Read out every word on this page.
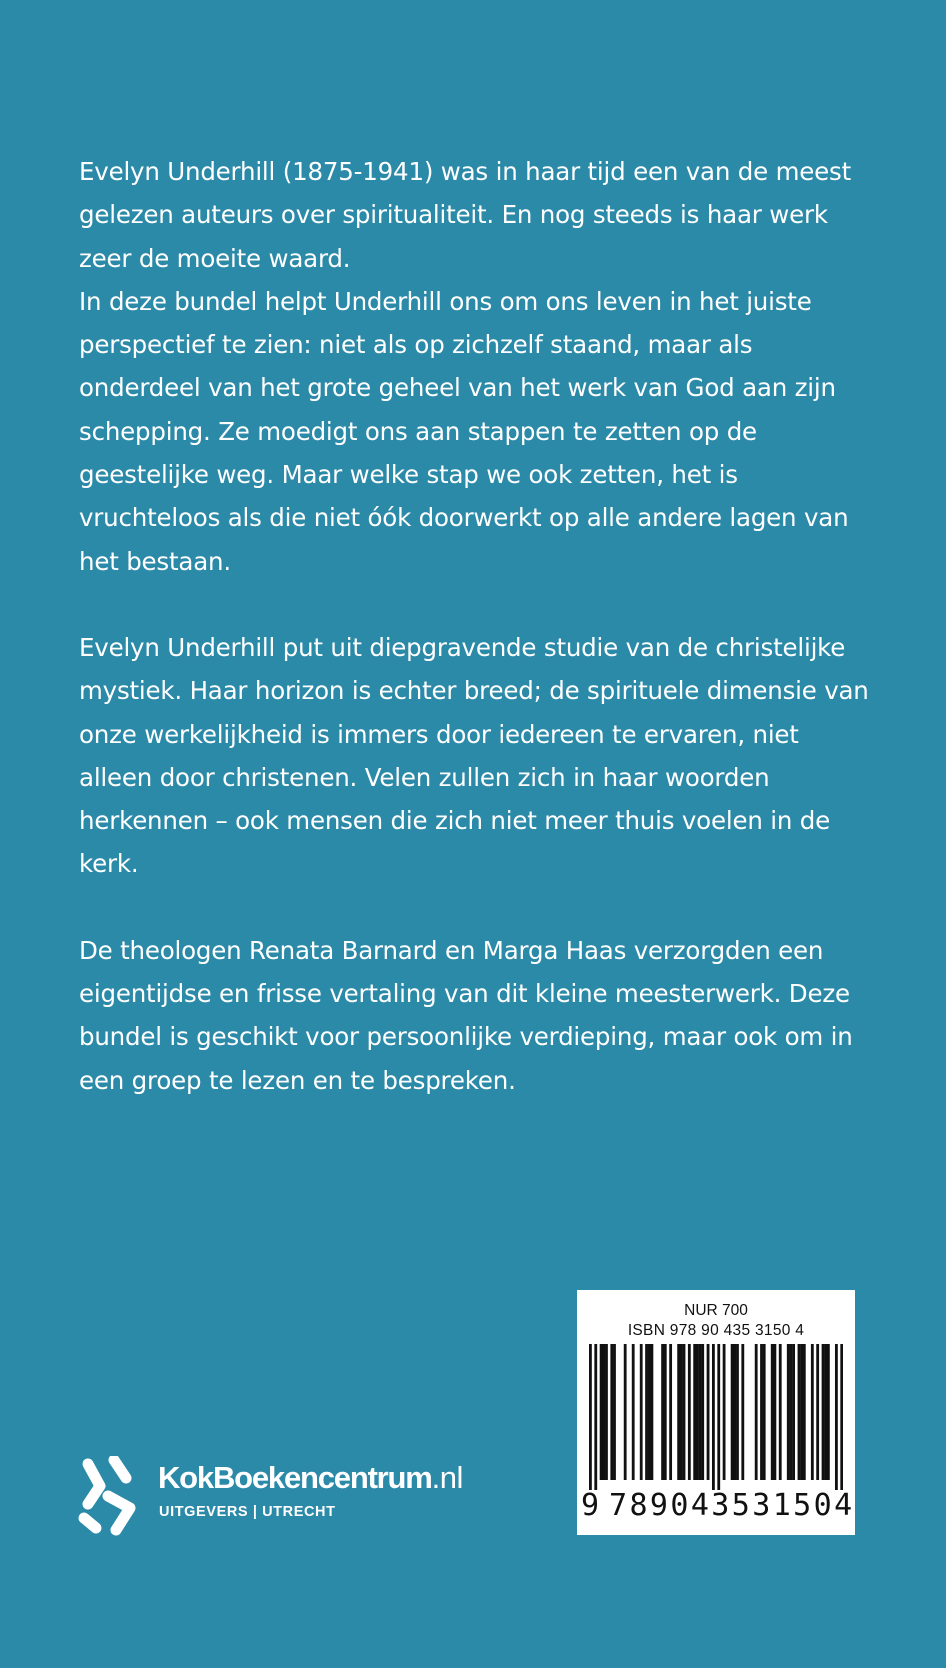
Evelyn Underhill (1875-1941) was in haar tijd een van de meest gelezen auteurs over spiritualiteit. En nog steeds is haar werk zeer de moeite waard.

In deze bundel helpt Underhill ons om ons leven in het juiste perspectief te zien: niet als op zichzelf staand, maar als onderdeel van het grote geheel van het werk van God aan zijn schepping. Ze moedigt ons aan stappen te zetten op de geestelijke weg. Maar welke stap we ook zetten, het is vruchteloos als die niet óók doorwerkt op alle andere lagen van het bestaan.

Evelyn Underhill put uit diepgravende studie van de christelijke mystiek. Haar horizon is echter breed; de spirituele dimensie van onze werkelijkheid is immers door iedereen te ervaren, niet alleen door christenen. Velen zullen zich in haar woorden herkennen – ook mensen die zich niet meer thuis voelen in de kerk.

De theologen Renata Barnard en Marga Haas verzorgden een eigentijdse en frisse vertaling van dit kleine meesterwerk. Deze bundel is geschikt voor persoonlijke verdieping, maar ook om in een groep te lezen en te bespreken.

KokBoekencentrum.nl
UITGEVERS | UTRECHT
NUR 700
ISBN 978 90 435 3150 4
9 789043531504
